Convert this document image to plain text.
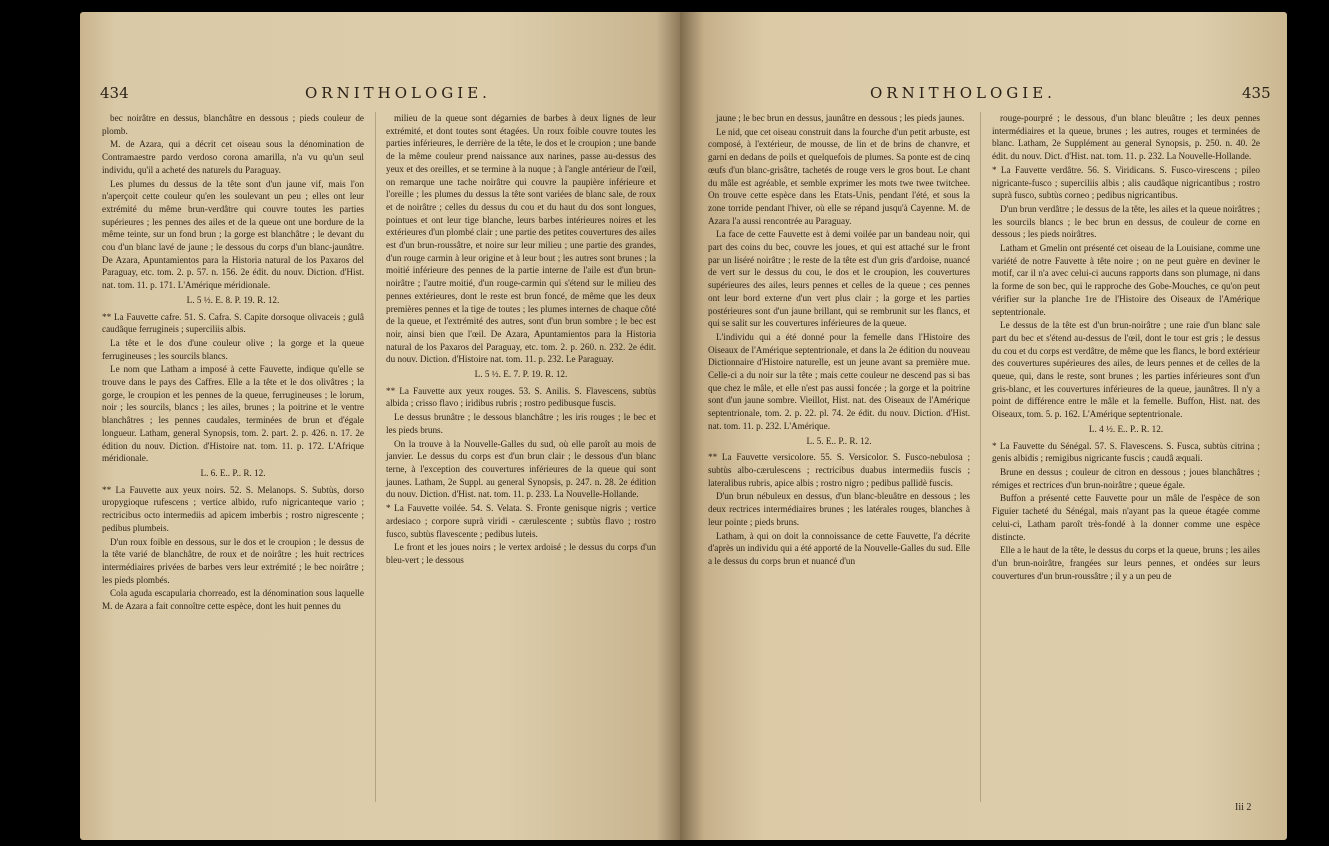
434	ORNITHOLOGIE.

bec noirâtre en dessus, blanchâtre en dessous ; pieds couleur de plomb.

M. de Azara, qui a décrit cet oiseau sous la dénomination de Contramaestre pardo verdoso corona amarilla, n'a vu qu'un seul individu, qu'il a acheté des naturels du Paraguay.

Les plumes du dessus de la tête sont d'un jaune vif, mais l'on n'aperçoit cette couleur qu'en les soulevant un peu ; elles ont leur extrémité du même brun-verdâtre qui couvre toutes les parties supérieures ; les pennes des ailes et de la queue ont une bordure de la même teinte, sur un fond brun ; la gorge est blanchâtre ; le devant du cou d'un blanc lavé de jaune ; le dessous du corps d'un blanc-jaunâtre. De Azara, Apuntamientos para la Historia natural de los Paxaros del Paraguay, etc. tom. 2. p. 57. n. 156. 2e édit. du nouv. Diction. d'Hist. nat. tom. 11. p. 171. L'Amérique méridionale.

L. 5 ½. E. 8. P. 19. R. 12.

** La Fauvette cafre. 51. S. Cafra. S. Capite dorsoque olivaceis ; gulâ caudâque ferrugineis ; superciliis albis.

La tête et le dos d'une couleur olive ; la gorge et la queue ferrugineuses ; les sourcils blancs.

Le nom que Latham a imposé à cette Fauvette, indique qu'elle se trouve dans le pays des Caffres. Elle a la tête et le dos olivâtres ; la gorge, le croupion et les pennes de la queue, ferrugineuses ; le lorum, noir ; les sourcils, blancs ; les ailes, brunes ; la poitrine et le ventre blanchâtres ; les pennes caudales, terminées de brun et d'égale longueur. Latham, general Synopsis, tom. 2. part. 2. p. 426. n. 17. 2e édition du nouv. Diction. d'Histoire nat. tom. 11. p. 172. L'Afrique méridionale.

L. 6. E.. P.. R. 12.

** La Fauvette aux yeux noirs. 52. S. Melanops. S. Subtùs, dorso uropygioque rufescens ; vertice albido, rufo nigricanteque vario ; rectricibus octo intermediis ad apicem imberbis ; rostro nigrescente ; pedibus plumbeis.

D'un roux foible en dessous, sur le dos et le croupion ; le dessus de la tête varié de blanchâtre, de roux et de noirâtre ; les huit rectrices intermédiaires privées de barbes vers leur extrémité ; le bec noirâtre ; les pieds plombés.

Cola aguda escapularia chorreado, est la dénomination sous laquelle M. de Azara a fait connoître cette espèce, dont les huit pennes du

milieu de la queue sont dégarnies de barbes à deux lignes de leur extrémité, et dont toutes sont étagées. Un roux foible couvre toutes les parties inférieures, le derrière de la tête, le dos et le croupion ; une bande de la même couleur prend naissance aux narines, passe au-dessus des yeux et des oreilles, et se termine à la nuque ; à l'angle antérieur de l'œil, on remarque une tache noirâtre qui couvre la paupière inférieure et l'oreille ; les plumes du dessus la tête sont variées de blanc sale, de roux et de noirâtre ; celles du dessus du cou et du haut du dos sont longues, pointues et ont leur tige blanche, leurs barbes intérieures noires et les extérieures d'un plombé clair ; une partie des petites couvertures des ailes est d'un brun-roussâtre, et noire sur leur milieu ; une partie des grandes, d'un rouge carmin à leur origine et à leur bout ; les autres sont brunes ; la moitié inférieure des pennes de la partie interne de l'aile est d'un brun-noirâtre ; l'autre moitié, d'un rouge-carmin qui s'étend sur le milieu des pennes extérieures, dont le reste est brun foncé, de même que les deux premières pennes et la tige de toutes ; les plumes internes de chaque côté de la queue, et l'extrémité des autres, sont d'un brun sombre ; le bec est noir, ainsi bien que l'œil. De Azara, Apuntamientos para la Historia natural de los Paxaros del Paraguay, etc. tom. 2. p. 260. n. 232. 2e édit. du nouv. Diction. d'Histoire nat. tom. 11. p. 232. Le Paraguay.

L. 5 ½. E. 7. P. 19. R. 12.

** La Fauvette aux yeux rouges. 53. S. Anilis. S. Flavescens, subtùs albida ; crisso flavo ; iridibus rubris ; rostro pedibusque fuscis.

Le dessus brunâtre ; le dessous blanchâtre ; les iris rouges ; le bec et les pieds bruns.

On la trouve à la Nouvelle-Galles du sud, où elle paroît au mois de janvier. Le dessus du corps est d'un brun clair ; le dessous d'un blanc terne, à l'exception des couvertures inférieures de la queue qui sont jaunes. Latham, 2e Suppl. au general Synopsis, p. 247. n. 28. 2e édition du nouv. Diction. d'Hist. nat. tom. 11. p. 233. La Nouvelle-Hollande.

* La Fauvette voilée. 54. S. Velata. S. Fronte genisque nigris ; vertice ardesiaco ; corpore suprà viridi - cærulescente ; subtùs flavo ; rostro fusco, subtùs flavescente ; pedibus luteis.

Le front et les joues noirs ; le vertex ardoisé ; le dessus du corps d'un bleu-vert ; le dessous

ORNITHOLOGIE.	435

jaune ; le bec brun en dessus, jaunâtre en dessous ; les pieds jaunes.

Le nid, que cet oiseau construit dans la fourche d'un petit arbuste, est composé, à l'extérieur, de mousse, de lin et de brins de chanvre, et garni en dedans de poils et quelquefois de plumes. Sa ponte est de cinq œufs d'un blanc-grisâtre, tachetés de rouge vers le gros bout. Le chant du mâle est agréable, et semble exprimer les mots twe twee twitchee. On trouve cette espèce dans les Etats-Unis, pendant l'été, et sous la zone torride pendant l'hiver, où elle se répand jusqu'à Cayenne. M. de Azara l'a aussi rencontrée au Paraguay.

La face de cette Fauvette est à demi voilée par un bandeau noir, qui part des coins du bec, couvre les joues, et qui est attaché sur le front par un liséré noirâtre ; le reste de la tête est d'un gris d'ardoise, nuancé de vert sur le dessus du cou, le dos et le croupion, les couvertures supérieures des ailes, leurs pennes et celles de la queue ; ces pennes ont leur bord externe d'un vert plus clair ; la gorge et les parties postérieures sont d'un jaune brillant, qui se rembrunit sur les flancs, et qui se salit sur les couvertures inférieures de la queue.

L'individu qui a été donné pour la femelle dans l'Histoire des Oiseaux de l'Amérique septentrionale, et dans la 2e édition du nouveau Dictionnaire d'Histoire naturelle, est un jeune avant sa première mue. Celle-ci a du noir sur la tête ; mais cette couleur ne descend pas si bas que chez le mâle, et elle n'est pas aussi foncée ; la gorge et la poitrine sont d'un jaune sombre. Vieillot, Hist. nat. des Oiseaux de l'Amérique septentrionale, tom. 2. p. 22. pl. 74. 2e édit. du nouv. Diction. d'Hist. nat. tom. 11. p. 232. L'Amérique.

L. 5. E.. P.. R. 12.

** La Fauvette versicolore. 55. S. Versicolor. S. Fusco-nebulosa ; subtùs albo-cærulescens ; rectricibus duabus intermediis fuscis ; lateralibus rubris, apice albis ; rostro nigro ; pedibus pallidè fuscis.

D'un brun nébuleux en dessus, d'un blanc-bleuâtre en dessous ; les deux rectrices intermédiaires brunes ; les latérales rouges, blanches à leur pointe ; pieds bruns.

Latham, à qui on doit la connoissance de cette Fauvette, l'a décrite d'après un individu qui a été apporté de la Nouvelle-Galles du sud. Elle a le dessus du corps brun et nuancé d'un

rouge-pourpré ; le dessous, d'un blanc bleuâtre ; les deux pennes intermédiaires et la queue, brunes ; les autres, rouges et terminées de blanc. Latham, 2e Supplément au general Synopsis, p. 250. n. 40. 2e édit. du nouv. Dict. d'Hist. nat. tom. 11. p. 232. La Nouvelle-Hollande.

* La Fauvette verdâtre. 56. S. Viridicans. S. Fusco-virescens ; pileo nigricante-fusco ; superciliis albis ; alis caudâque nigricantibus ; rostro suprà fusco, subtùs corneo ; pedibus nigricantibus.

D'un brun verdâtre ; le dessus de la tête, les ailes et la queue noirâtres ; les sourcils blancs ; le bec brun en dessus, de couleur de corne en dessous ; les pieds noirâtres.

Latham et Gmelin ont présenté cet oiseau de la Louisiane, comme une variété de notre Fauvette à tête noire ; on ne peut guère en deviner le motif, car il n'a avec celui-ci aucuns rapports dans son plumage, ni dans la forme de son bec, qui le rapproche des Gobe-Mouches, ce qu'on peut vérifier sur la planche 1re de l'Histoire des Oiseaux de l'Amérique septentrionale.

Le dessus de la tête est d'un brun-noirâtre ; une raie d'un blanc sale part du bec et s'étend au-dessus de l'œil, dont le tour est gris ; le dessus du cou et du corps est verdâtre, de même que les flancs, le bord extérieur des couvertures supérieures des ailes, de leurs pennes et de celles de la queue, qui, dans le reste, sont brunes ; les parties inférieures sont d'un gris-blanc, et les couvertures inférieures de la queue, jaunâtres. Il n'y a point de différence entre le mâle et la femelle. Buffon, Hist. nat. des Oiseaux, tom. 5. p. 162. L'Amérique septentrionale.

L. 4 ½. E.. P.. R. 12.

* La Fauvette du Sénégal. 57. S. Flavescens. S. Fusca, subtùs citrina ; genis albidis ; remigibus nigricante fuscis ; caudâ æquali.

Brune en dessus ; couleur de citron en dessous ; joues blanchâtres ; rémiges et rectrices d'un brun-noirâtre ; queue égale.

Buffon a présenté cette Fauvette pour un mâle de l'espèce de son Figuier tacheté du Sénégal, mais n'ayant pas la queue étagée comme celui-ci, Latham paroît très-fondé à la donner comme une espèce distincte.

Elle a le haut de la tête, le dessus du corps et la queue, bruns ; les ailes d'un brun-noirâtre, frangées sur leurs pennes, et ondées sur leurs couvertures d'un brun-roussâtre ; il y a un peu de

Iii 2
